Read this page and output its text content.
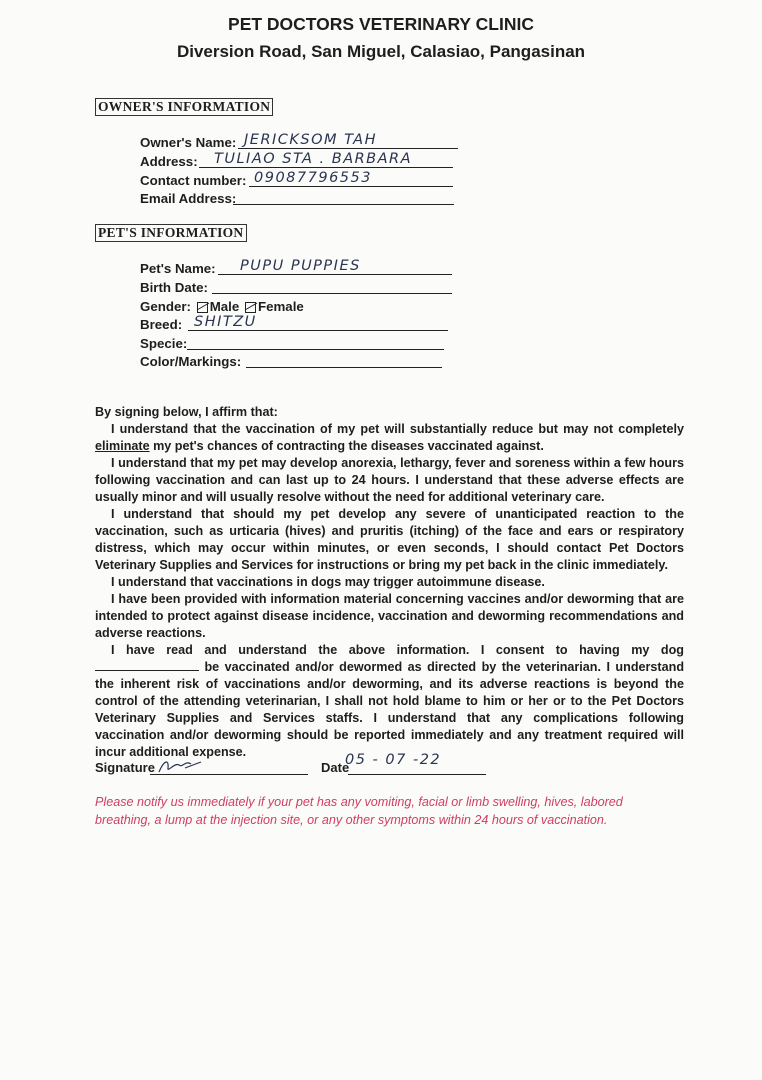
PET DOCTORS VETERINARY CLINIC
Diversion Road, San Miguel, Calasiao, Pangasinan
OWNER'S INFORMATION
Owner's Name: JERICKSOM TAH
Address: TULIAO STA . BARBARA
Contact number: 09087796553
Email Address:
PET'S INFORMATION
Pet's Name: PUPU PUPPIES
Birth Date:
Gender: Male Female
Breed: SHITZU
Specie:
Color/Markings:

By signing below, I affirm that:

I understand that the vaccination of my pet will substantially reduce but may not completely eliminate my pet's chances of contracting the diseases vaccinated against.

I understand that my pet may develop anorexia, lethargy, fever and soreness within a few hours following vaccination and can last up to 24 hours. I understand that these adverse effects are usually minor and will usually resolve without the need for additional veterinary care.

I understand that should my pet develop any severe of unanticipated reaction to the vaccination, such as urticaria (hives) and pruritis (itching) of the face and ears or respiratory distress, which may occur within minutes, or even seconds, I should contact Pet Doctors Veterinary Supplies and Services for instructions or bring my pet back in the clinic immediately.

I understand that vaccinations in dogs may trigger autoimmune disease.

I have been provided with information material concerning vaccines and/or deworming that are intended to protect against disease incidence, vaccination and deworming recommendations and adverse reactions.

I have read and understand the above information. I consent to having my dog  be vaccinated and/or dewormed as directed by the veterinarian. I understand the inherent risk of vaccinations and/or deworming, and its adverse reactions is beyond the control of the attending veterinarian, I shall not hold blame to him or her or to the Pet Doctors Veterinary Supplies and Services staffs. I understand that any complications following vaccination and/or deworming should be reported immediately and any treatment required will incur additional expense.

Signature	Date
05 - 07 -22
Please notify us immediately if your pet has any vomiting, facial or limb swelling, hives, labored breathing, a lump at the injection site, or any other symptoms within 24 hours of vaccination.
